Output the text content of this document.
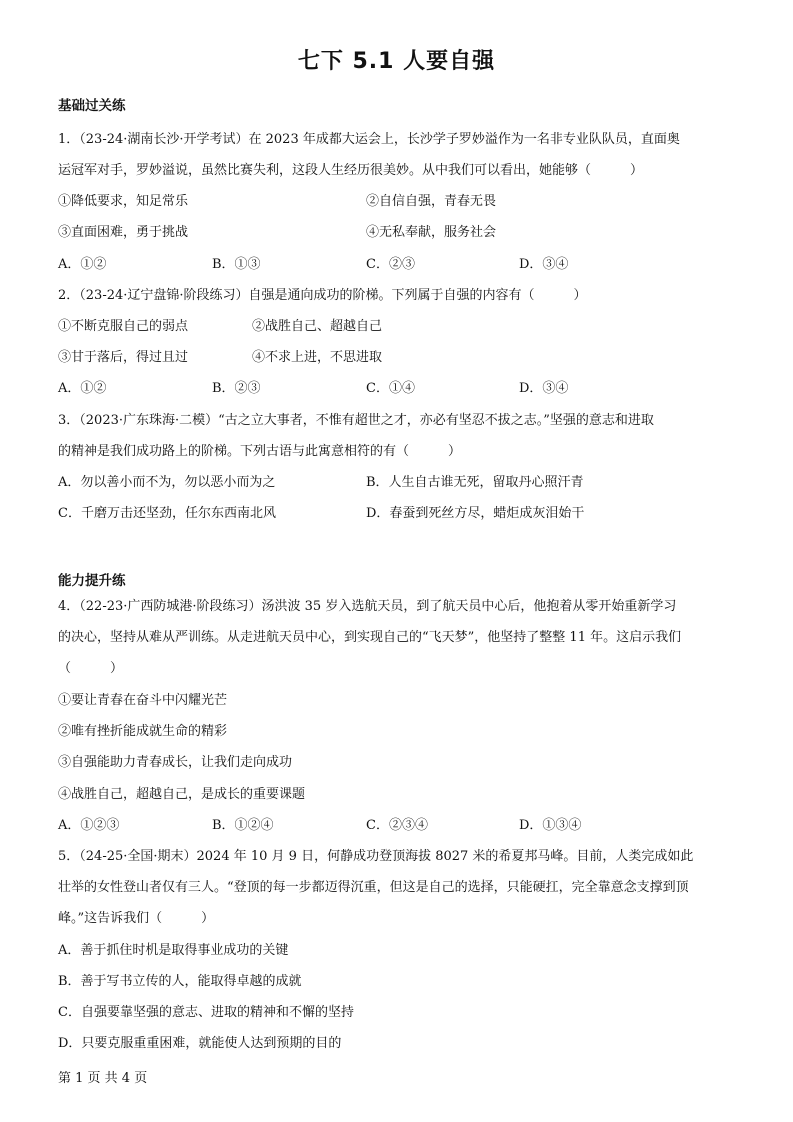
七下 5.1 人要自强
基础过关练
1．（23-24·湖南长沙·开学考试）在 2023 年成都大运会上，长沙学子罗妙溢作为一名非专业队队员，直面奥
运冠军对手，罗妙溢说，虽然比赛失利，这段人生经历很美妙。从中我们可以看出，她能够（　　　）
①降低要求，知足常乐	②自信自强，青春无畏
③直面困难，勇于挑战	④无私奉献，服务社会
A．①②	B．①③	C．②③	D．③④
2．（23-24·辽宁盘锦·阶段练习）自强是通向成功的阶梯。下列属于自强的内容有（　　　）
①不断克服自己的弱点	②战胜自己、超越自己
③甘于落后，得过且过	④不求上进，不思进取
A．①②	B．②③	C．①④	D．③④
3．（2023·广东珠海·二模）“古之立大事者，不惟有超世之才，亦必有坚忍不拔之志。”坚强的意志和进取
的精神是我们成功路上的阶梯。下列古语与此寓意相符的有（　　　）
A．勿以善小而不为，勿以恶小而为之	B．人生自古谁无死，留取丹心照汗青
C．千磨万击还坚劲，任尔东西南北风	D．春蚕到死丝方尽，蜡炬成灰泪始干
能力提升练
4．（22-23·广西防城港·阶段练习）汤洪波 35 岁入选航天员，到了航天员中心后，他抱着从零开始重新学习
的决心，坚持从难从严训练。从走进航天员中心，到实现自己的“飞天梦”，他坚持了整整 11 年。这启示我们
（　　　）
①要让青春在奋斗中闪耀光芒
②唯有挫折能成就生命的精彩
③自强能助力青春成长，让我们走向成功
④战胜自己，超越自己，是成长的重要课题
A．①②③	B．①②④	C．②③④	D．①③④
5．（24-25·全国·期末）2024 年 10 月 9 日，何静成功登顶海拔 8027 米的希夏邦马峰。目前，人类完成如此
壮举的女性登山者仅有三人。“登顶的每一步都迈得沉重，但这是自己的选择，只能硬扛，完全靠意念支撑到顶
峰。”这告诉我们（　　　）
A．善于抓住时机是取得事业成功的关键
B．善于写书立传的人，能取得卓越的成就
C．自强要靠坚强的意志、进取的精神和不懈的坚持
D．只要克服重重困难，就能使人达到预期的目的
第 1 页 共 4 页
